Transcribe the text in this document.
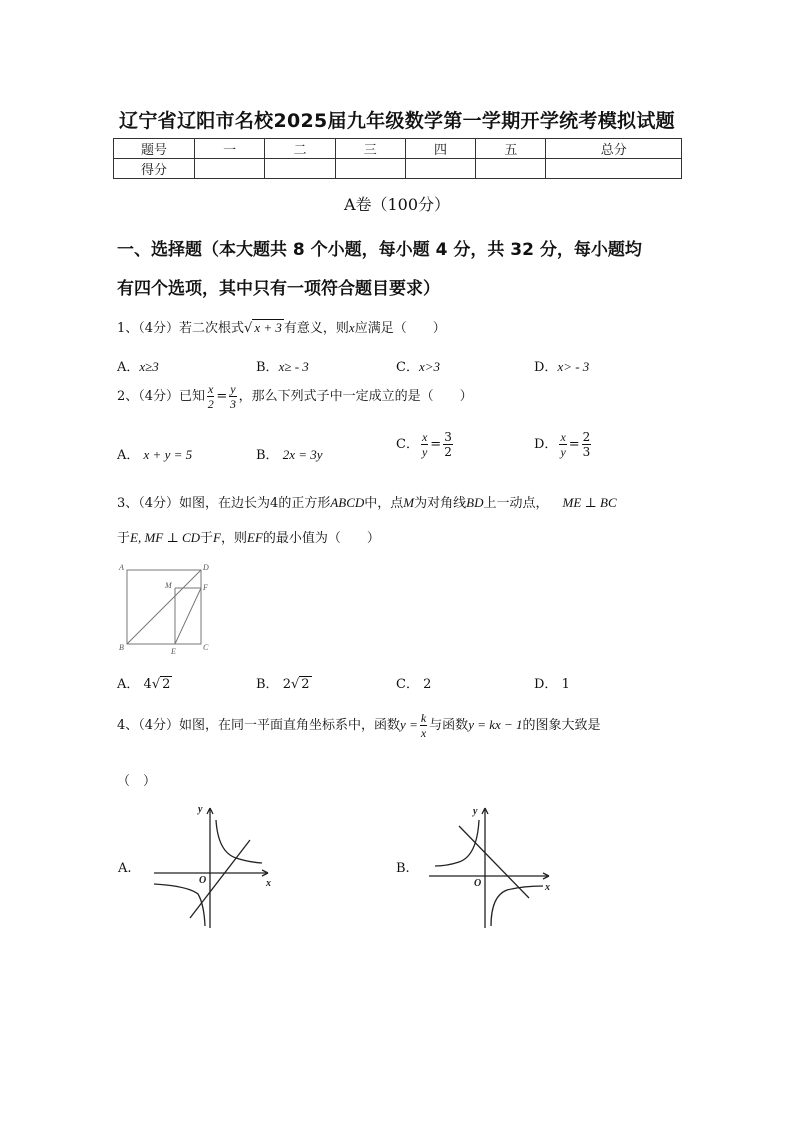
辽宁省辽阳市名校2025届九年级数学第一学期开学统考模拟试题
题号	一	二	三	四	五	总分
得分						
A卷（100分）
一、选择题（本大题共 8 个小题，每小题 4 分，共 32 分，每小题均
有四个选项，其中只有一项符合题目要求）
1、（4分）若二次根式√ x + 3 有意义，则x应满足（　　）
A．x≥3	B．x≥ - 3	C．x>3	D．x> - 3
2、（4分）已知 $\frac{x}{2} = \frac{y}{3}$ ，那么下列式子中一定成立的是（　　）
A． x + y = 5	B． 2x = 3y
C． $\frac{x}{y} = \frac{3}{2}$	D． $\frac{x}{y} = \frac{2}{3}$
3、（4分）如图，在边长为4的正方形ABCD中，点M为对角线BD上一动点， ME ⊥ BC
于E, MF ⊥ CD于F，则EF的最小值为（　　）
A	D
M	F
B	E	C
A． 4√ 2	B． 2√ 2	C． 2	D． 1
4、（4分）如图，在同一平面直角坐标系中，函数$y = \frac{k}{x}$ 与函数y = kx − 1的图象大致是
（　）
A.
y
x
O
B.
y
x
O
